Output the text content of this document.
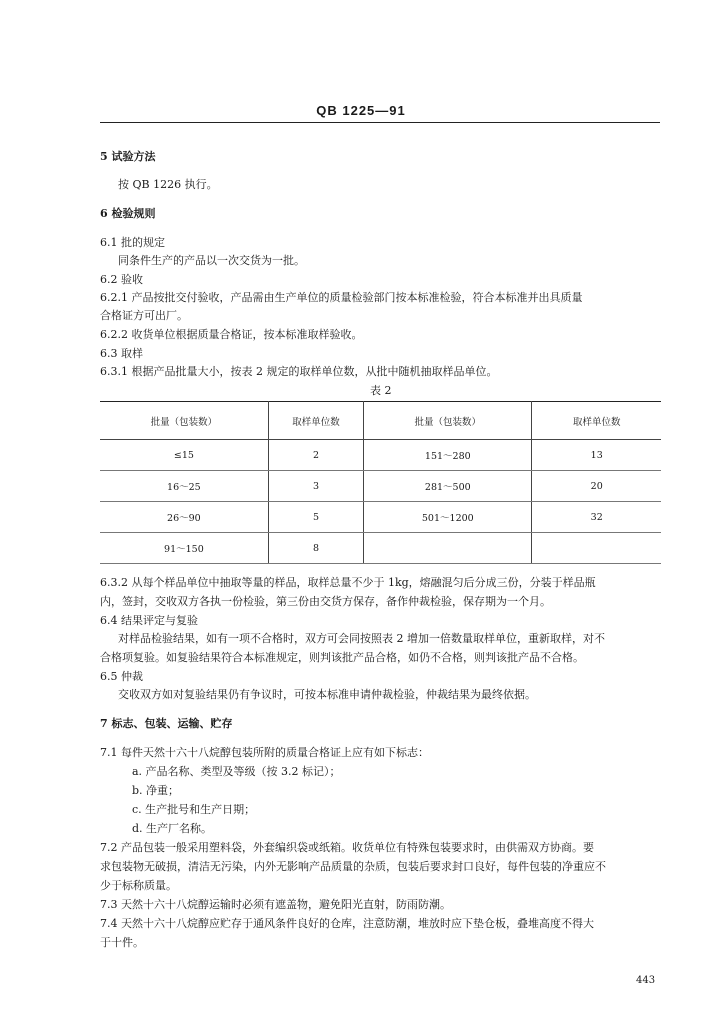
QB 1225—91
5 试验方法
按 QB 1226 执行。
6 检验规则
6.1 批的规定
同条件生产的产品以一次交货为一批。
6.2 验收
6.2.1 产品按批交付验收，产品需由生产单位的质量检验部门按本标准检验，符合本标准并出具质量
合格证方可出厂。
6.2.2 收货单位根据质量合格证，按本标准取样验收。
6.3 取样
6.3.1 根据产品批量大小，按表 2 规定的取样单位数，从批中随机抽取样品单位。
表 2
批量（包装数）	取样单位数	批量（包装数）	取样单位数
≤15	2	151～280	13
16～25	3	281～500	20
26～90	5	501～1200	32
91～150	8		
6.3.2 从每个样品单位中抽取等量的样品，取样总量不少于 1kg，熔融混匀后分成三份，分装于样品瓶
内，签封，交收双方各执一份检验，第三份由交货方保存，备作仲裁检验，保存期为一个月。
6.4 结果评定与复验
对样品检验结果，如有一项不合格时，双方可会同按照表 2 增加一倍数量取样单位，重新取样，对不
合格项复验。如复验结果符合本标准规定，则判该批产品合格，如仍不合格，则判该批产品不合格。
6.5 仲裁
交收双方如对复验结果仍有争议时，可按本标准申请仲裁检验，仲裁结果为最终依据。
7 标志、包装、运输、贮存
7.1 每件天然十六十八烷醇包装所附的质量合格证上应有如下标志：
a. 产品名称、类型及等级（按 3.2 标记）；
b. 净重；
c. 生产批号和生产日期；
d. 生产厂名称。
7.2 产品包装一般采用塑料袋，外套编织袋或纸箱。收货单位有特殊包装要求时，由供需双方协商。要
求包装物无破损，清洁无污染，内外无影响产品质量的杂质，包装后要求封口良好，每件包装的净重应不
少于标称质量。
7.3 天然十六十八烷醇运输时必须有遮盖物，避免阳光直射，防雨防潮。
7.4 天然十六十八烷醇应贮存于通风条件良好的仓库，注意防潮，堆放时应下垫仓板，叠堆高度不得大
于十件。
443
